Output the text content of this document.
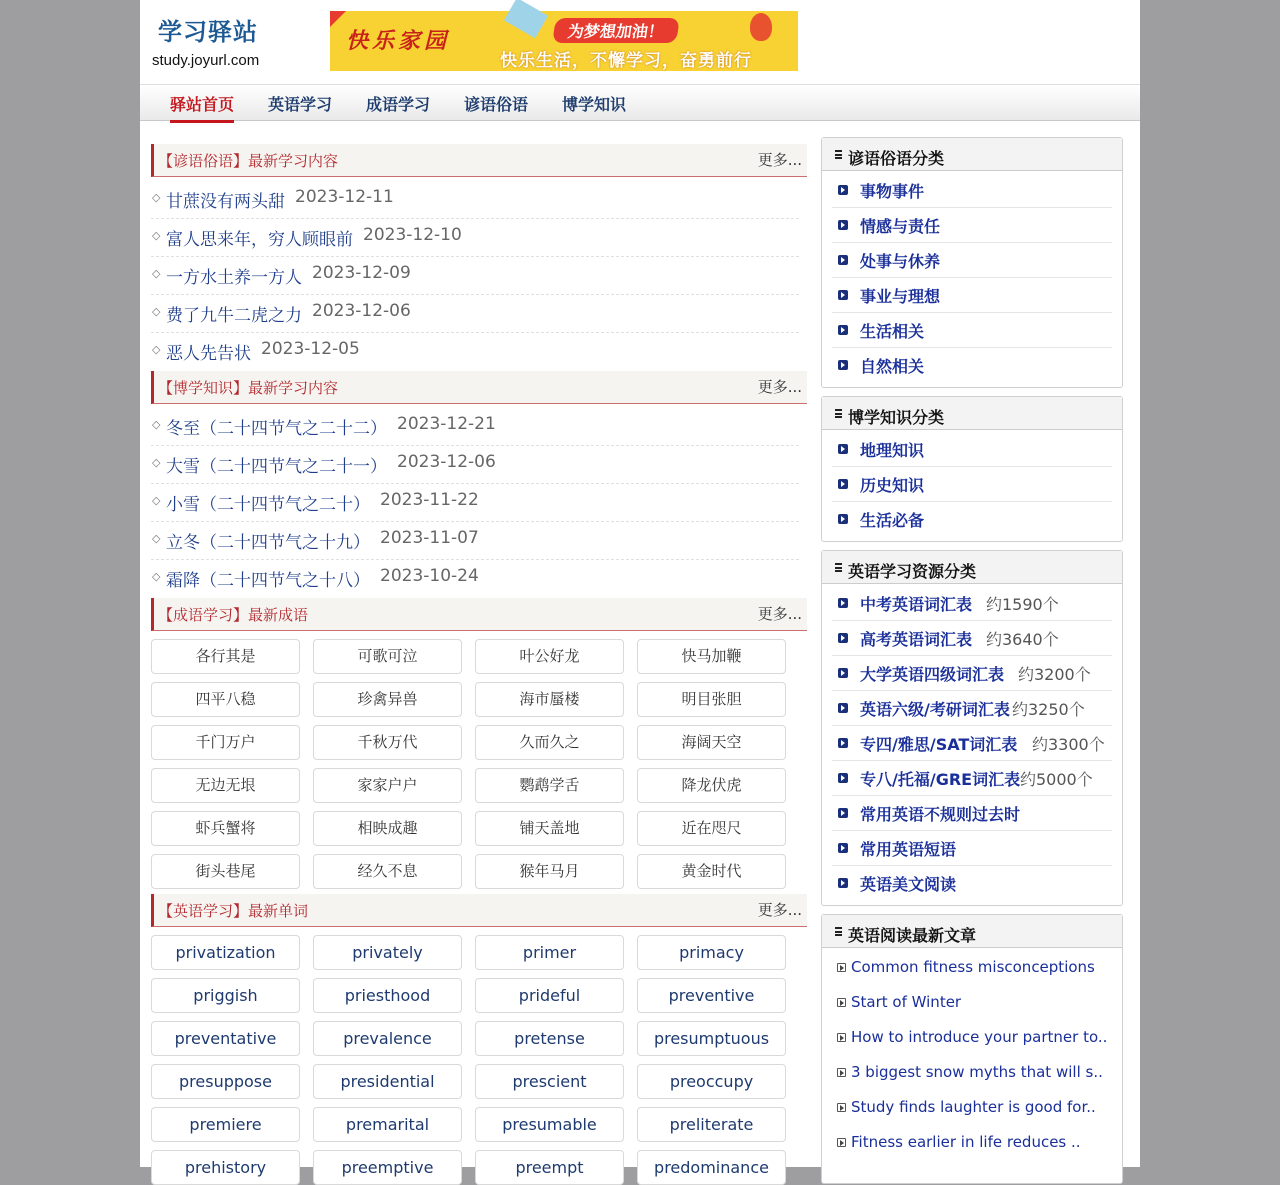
学习驿站
study.joyurl.com
快乐家园	为梦想加油！
快乐生活，不懈学习，奋勇前行
驿站首页 英语学习 成语学习 谚语俗语 博学知识
【谚语俗语】最新学习内容	更多...
◇ 甘蔗没有两头甜 2023-12-11
◇ 富人思来年，穷人顾眼前 2023-12-10
◇ 一方水土养一方人 2023-12-09
◇ 费了九牛二虎之力 2023-12-06
◇ 恶人先告状 2023-12-05
【博学知识】最新学习内容	更多...
◇ 冬至（二十四节气之二十二） 2023-12-21
◇ 大雪（二十四节气之二十一） 2023-12-06
◇ 小雪（二十四节气之二十） 2023-11-22
◇ 立冬（二十四节气之十九） 2023-11-07
◇ 霜降（二十四节气之十八） 2023-10-24
【成语学习】最新成语	更多...
各行其是	可歌可泣	叶公好龙	快马加鞭
四平八稳	珍禽异兽	海市蜃楼	明目张胆
千门万户	千秋万代	久而久之	海阔天空
无边无垠	家家户户	鹦鹉学舌	降龙伏虎
虾兵蟹将	相映成趣	铺天盖地	近在咫尺
街头巷尾	经久不息	猴年马月	黄金时代
【英语学习】最新单词	更多...
privatization	privately	primer	primacy
priggish	priesthood	prideful	preventive
preventative	prevalence	pretense	presumptuous
presuppose	presidential	prescient	preoccupy
premiere	premarital	presumable	preliterate
prehistory	preemptive	preempt	predominance
谚语俗语分类
事物事件
情感与责任
处事与休养
事业与理想
生活相关
自然相关
博学知识分类
地理知识
历史知识
生活必备
英语学习资源分类
中考英语词汇表 约1590个
高考英语词汇表 约3640个
大学英语四级词汇表 约3200个
英语六级/考研词汇表 约3250个
专四/雅思/SAT词汇表 约3300个
专八/托福/GRE词汇表 约5000个
常用英语不规则过去时
常用英语短语
英语美文阅读
英语阅读最新文章
Common fitness misconceptions
Start of Winter
How to introduce your partner to..
3 biggest snow myths that will s..
Study finds laughter is good for..
Fitness earlier in life reduces ..
